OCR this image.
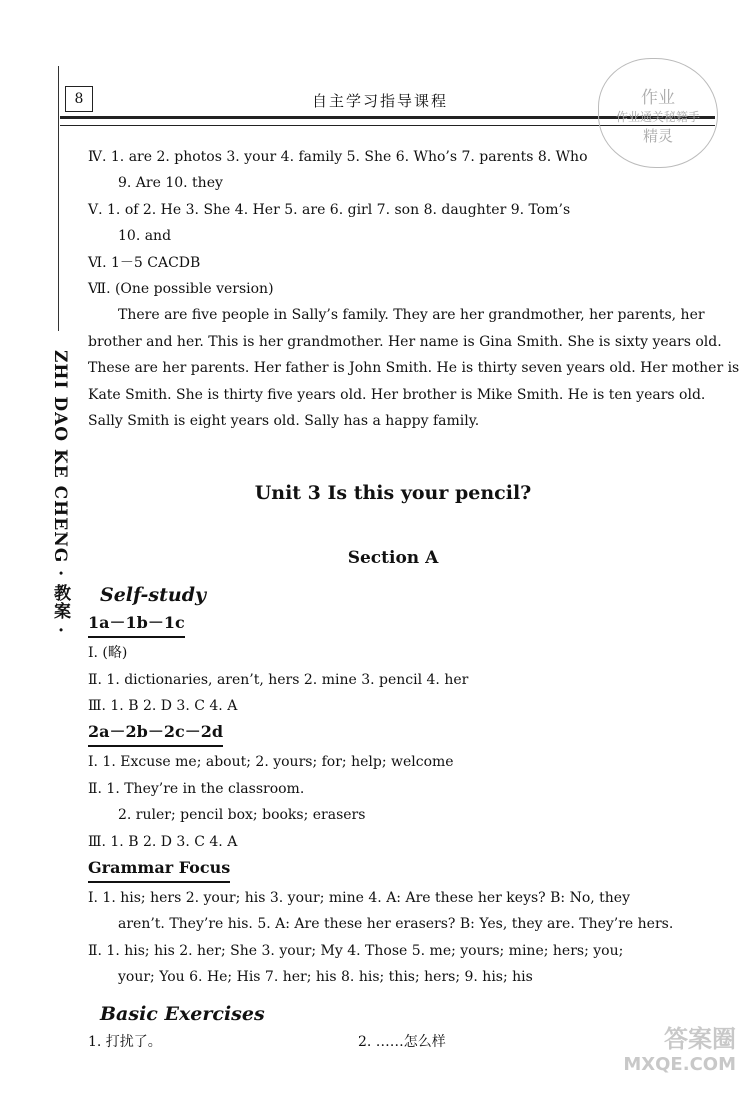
8	自主学习指导课程
ZHI DAO KE CHENG · 教案 ·
作业
作业通关秘籍手
精灵
答案圈
MXQE.COM
Ⅳ. 1. are 2. photos 3. your 4. family 5. She 6. Who’s 7. parents 8. Who
9. Are 10. they
Ⅴ. 1. of 2. He 3. She 4. Her 5. are 6. girl 7. son 8. daughter 9. Tom’s
10. and
Ⅵ. 1－5 CACDB
Ⅶ. (One possible version)
There are five people in Sally’s family. They are her grandmother, her parents, her
brother and her. This is her grandmother. Her name is Gina Smith. She is sixty years old.
These are her parents. Her father is John Smith. He is thirty seven years old. Her mother is
Kate Smith. She is thirty five years old. Her brother is Mike Smith. He is ten years old.
Sally Smith is eight years old. Sally has a happy family.
Unit 3 Is this your pencil?
Section A
Self-study
1a－1b－1c
Ⅰ. (略)
Ⅱ. 1. dictionaries, aren’t, hers 2. mine 3. pencil 4. her
Ⅲ. 1. B 2. D 3. C 4. A
2a－2b－2c－2d
Ⅰ. 1. Excuse me; about; 2. yours; for; help; welcome
Ⅱ. 1. They’re in the classroom.
2. ruler; pencil box; books; erasers
Ⅲ. 1. B 2. D 3. C 4. A
Grammar Focus
Ⅰ. 1. his; hers 2. your; his 3. your; mine 4. A: Are these her keys? B: No, they
aren’t. They’re his. 5. A: Are these her erasers? B: Yes, they are. They’re hers.
Ⅱ. 1. his; his 2. her; She 3. your; My 4. Those 5. me; yours; mine; hers; you;
your; You 6. He; His 7. her; his 8. his; this; hers; 9. his; his
Basic Exercises
1. 打扰了。	2. ……怎么样
